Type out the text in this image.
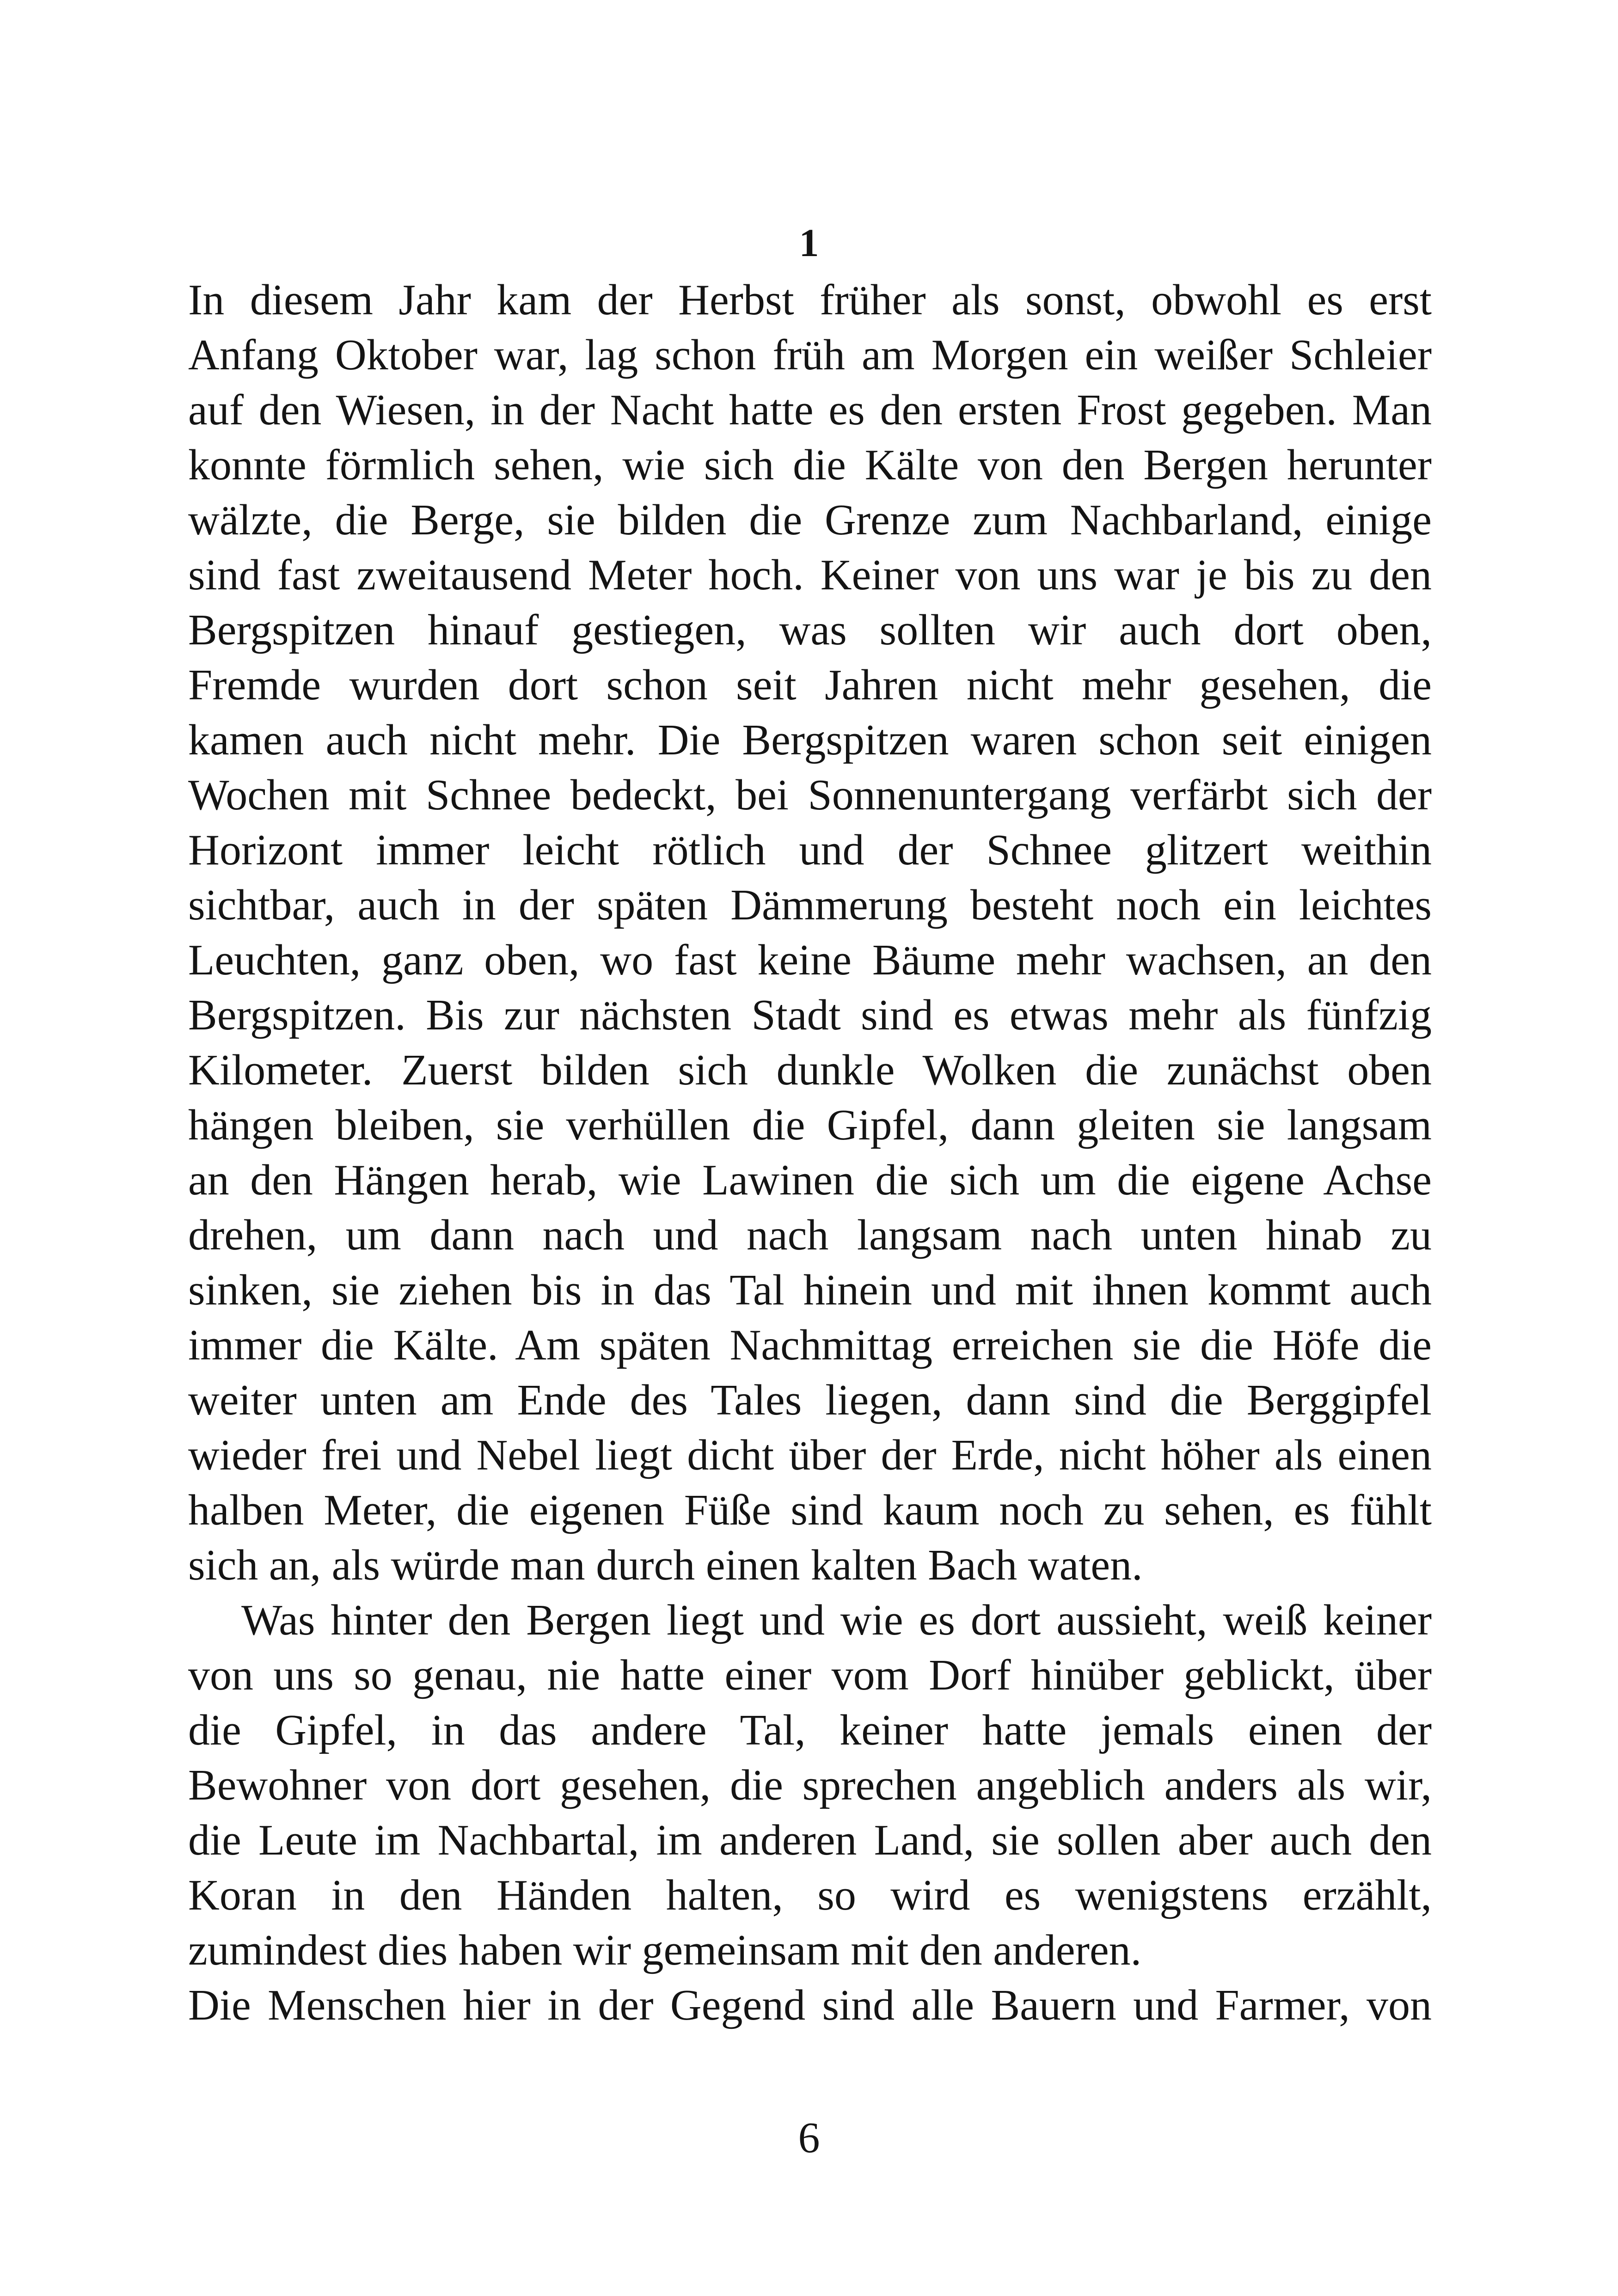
1
In diesem Jahr kam der Herbst früher als sonst, obwohl es erst
Anfang Oktober war, lag schon früh am Morgen ein weißer Schleier
auf den Wiesen, in der Nacht hatte es den ersten Frost gegeben. Man
konnte förmlich sehen, wie sich die Kälte von den Bergen herunter
wälzte, die Berge, sie bilden die Grenze zum Nachbarland, einige
sind fast zweitausend Meter hoch. Keiner von uns war je bis zu den
Bergspitzen hinauf gestiegen, was sollten wir auch dort oben,
Fremde wurden dort schon seit Jahren nicht mehr gesehen, die
kamen auch nicht mehr. Die Bergspitzen waren schon seit einigen
Wochen mit Schnee bedeckt, bei Sonnenuntergang verfärbt sich der
Horizont immer leicht rötlich und der Schnee glitzert weithin
sichtbar, auch in der späten Dämmerung besteht noch ein leichtes
Leuchten, ganz oben, wo fast keine Bäume mehr wachsen, an den
Bergspitzen. Bis zur nächsten Stadt sind es etwas mehr als fünfzig
Kilometer. Zuerst bilden sich dunkle Wolken die zunächst oben
hängen bleiben, sie verhüllen die Gipfel, dann gleiten sie langsam
an den Hängen herab, wie Lawinen die sich um die eigene Achse
drehen, um dann nach und nach langsam nach unten hinab zu
sinken, sie ziehen bis in das Tal hinein und mit ihnen kommt auch
immer die Kälte. Am späten Nachmittag erreichen sie die Höfe die
weiter unten am Ende des Tales liegen, dann sind die Berggipfel
wieder frei und Nebel liegt dicht über der Erde, nicht höher als einen
halben Meter, die eigenen Füße sind kaum noch zu sehen, es fühlt
sich an, als würde man durch einen kalten Bach waten.
Was hinter den Bergen liegt und wie es dort aussieht, weiß keiner
von uns so genau, nie hatte einer vom Dorf hinüber geblickt, über
die Gipfel, in das andere Tal, keiner hatte jemals einen der
Bewohner von dort gesehen, die sprechen angeblich anders als wir,
die Leute im Nachbartal, im anderen Land, sie sollen aber auch den
Koran in den Händen halten, so wird es wenigstens erzählt,
zumindest dies haben wir gemeinsam mit den anderen.
Die Menschen hier in der Gegend sind alle Bauern und Farmer, von
6
